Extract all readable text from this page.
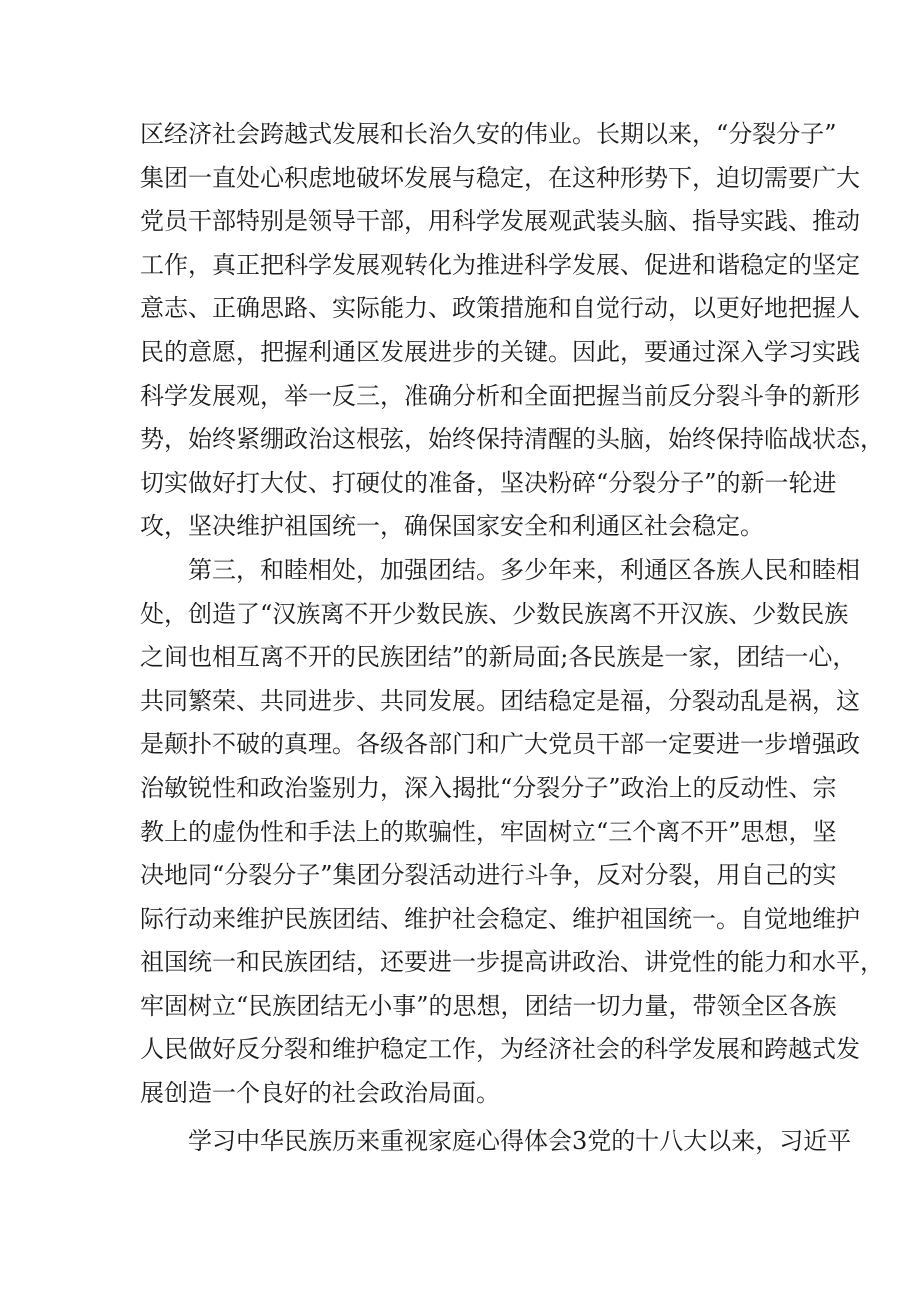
区经济社会跨越式发展和长治久安的伟业。长期以来，“分裂分子”
集团一直处心积虑地破坏发展与稳定，在这种形势下，迫切需要广大
党员干部特别是领导干部，用科学发展观武装头脑、指导实践、推动
工作，真正把科学发展观转化为推进科学发展、促进和谐稳定的坚定
意志、正确思路、实际能力、政策措施和自觉行动，以更好地把握人
民的意愿，把握利通区发展进步的关键。因此，要通过深入学习实践
科学发展观，举一反三，准确分析和全面把握当前反分裂斗争的新形
势，始终紧绷政治这根弦，始终保持清醒的头脑，始终保持临战状态，
切实做好打大仗、打硬仗的准备，坚决粉碎“分裂分子”的新一轮进
攻，坚决维护祖国统一，确保国家安全和利通区社会稳定。
第三，和睦相处，加强团结。多少年来，利通区各族人民和睦相
处，创造了“汉族离不开少数民族、少数民族离不开汉族、少数民族
之间也相互离不开的民族团结”的新局面;各民族是一家，团结一心，
共同繁荣、共同进步、共同发展。团结稳定是福，分裂动乱是祸，这
是颠扑不破的真理。各级各部门和广大党员干部一定要进一步增强政
治敏锐性和政治鉴别力，深入揭批“分裂分子”政治上的反动性、宗
教上的虚伪性和手法上的欺骗性，牢固树立“三个离不开”思想，坚
决地同“分裂分子”集团分裂活动进行斗争，反对分裂，用自己的实
际行动来维护民族团结、维护社会稳定、维护祖国统一。自觉地维护
祖国统一和民族团结，还要进一步提高讲政治、讲党性的能力和水平，
牢固树立“民族团结无小事”的思想，团结一切力量，带领全区各族
人民做好反分裂和维护稳定工作，为经济社会的科学发展和跨越式发
展创造一个良好的社会政治局面。
学习中华民族历来重视家庭心得体会3党的十八大以来，习近平
